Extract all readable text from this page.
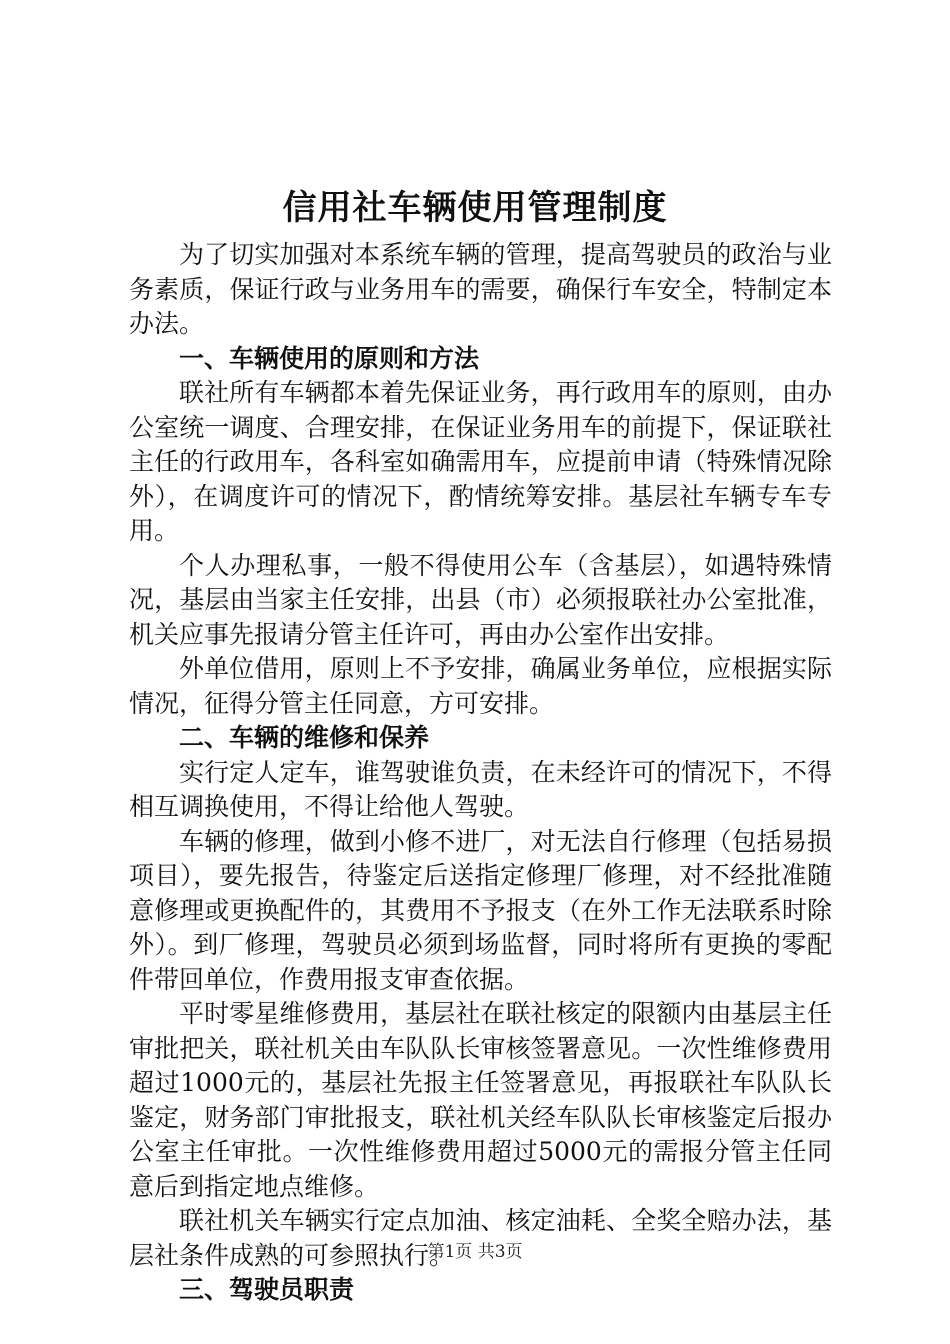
信用社车辆使用管理制度

为了切实加强对本系统车辆的管理，提高驾驶员的政治与业务素质，保证行政与业务用车的需要，确保行车安全，特制定本办法。

一、车辆使用的原则和方法

联社所有车辆都本着先保证业务，再行政用车的原则，由办公室统一调度、合理安排，在保证业务用车的前提下，保证联社主任的行政用车，各科室如确需用车，应提前申请（特殊情况除外），在调度许可的情况下，酌情统筹安排。基层社车辆专车专用。

个人办理私事，一般不得使用公车（含基层），如遇特殊情况，基层由当家主任安排，出县（市）必须报联社办公室批准，机关应事先报请分管主任许可，再由办公室作出安排。

外单位借用，原则上不予安排，确属业务单位，应根据实际情况，征得分管主任同意，方可安排。

二、车辆的维修和保养

实行定人定车，谁驾驶谁负责，在未经许可的情况下，不得相互调换使用，不得让给他人驾驶。

车辆的修理，做到小修不进厂，对无法自行修理（包括易损项目），要先报告，待鉴定后送指定修理厂修理，对不经批准随意修理或更换配件的，其费用不予报支（在外工作无法联系时除外）。到厂修理，驾驶员必须到场监督，同时将所有更换的零配件带回单位，作费用报支审查依据。

平时零星维修费用，基层社在联社核定的限额内由基层主任审批把关，联社机关由车队队长审核签署意见。一次性维修费用超过1000元的，基层社先报主任签署意见，再报联社车队队长鉴定，财务部门审批报支，联社机关经车队队长审核鉴定后报办公室主任审批。一次性维修费用超过5000元的需报分管主任同意后到指定地点维修。

联社机关车辆实行定点加油、核定油耗、全奖全赔办法，基层社条件成熟的可参照执行。

三、驾驶员职责

第1页 共3页
